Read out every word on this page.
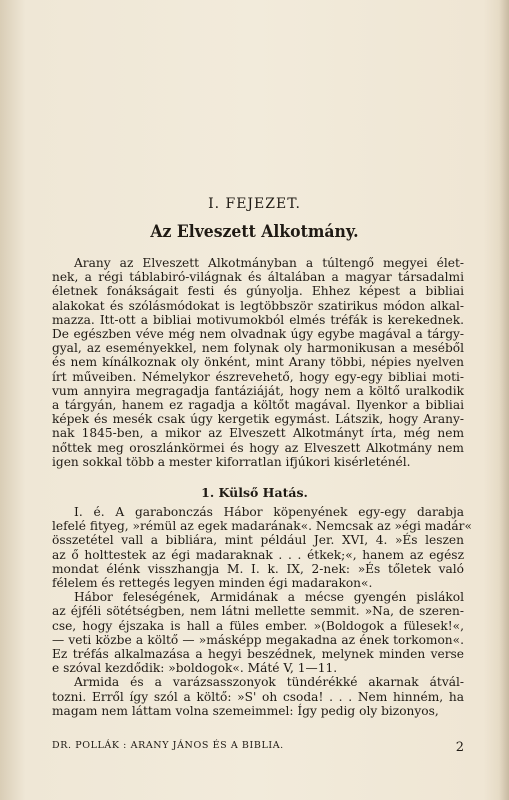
I. FEJEZET.
Az Elveszett Alkotmány.

Arany az Elveszett Alkotmányban a túltengő megyei élet-
nek, a régi táblabiró-világnak és általában a magyar társadalmi
életnek fonákságait festi és gúnyolja. Ehhez képest a bibliai
alakokat és szólásmódokat is legtöbbször szatirikus módon alkal-
mazza. Itt-ott a bibliai motivumokból elmés tréfák is kerekednek.
De egészben véve még nem olvadnak úgy egybe magával a tárgy-
gyal, az eseményekkel, nem folynak oly harmonikusan a meséből
és nem kínálkoznak oly önként, mint Arany többi, népies nyelven
írt műveiben. Némelykor észrevehető, hogy egy-egy bibliai moti-
vum annyira megragadja fantáziáját, hogy nem a költő uralkodik
a tárgyán, hanem ez ragadja a költőt magával. Ilyenkor a bibliai
képek és mesék csak úgy kergetik egymást. Látszik, hogy Arany-
nak 1845-ben, a mikor az Elveszett Alkotmányt írta, még nem
nőttek meg oroszlánkörmei és hogy az Elveszett Alkotmány nem
igen sokkal több a mester kiforratlan ifjúkori kisérleténél.

1. Külső Hatás.

I. é. A garabonczás Hábor köpenyének egy-egy darabja
lefelé fityeg, »rémül az egek madarának«. Nemcsak az »égi madár«
összetétel vall a bibliára, mint például Jer. XVI, 4. »És leszen
az ő holttestek az égi madaraknak . . . étkek;«, hanem az egész
mondat élénk visszhangja M. I. k. IX, 2-nek: »És tőletek való
félelem és rettegés legyen minden égi madarakon«.
Hábor feleségének, Armidának a mécse gyengén pislákol
az éjféli sötétségben, nem látni mellette semmit. »Na, de szeren-
cse, hogy éjszaka is hall a füles ember. »(Boldogok a fülesek!«,
— veti közbe a költő — »másképp megakadna az ének torkomon«.
Ez tréfás alkalmazása a hegyi beszédnek, melynek minden verse
e szóval kezdődik: »boldogok«. Máté V, 1—11.
Armida és a varázsasszonyok tündérékké akarnak átvál-
tozni. Erről így szól a költő: »S' oh csoda! . . . Nem hinném, ha
magam nem láttam volna szemeimmel: Így pedig oly bizonyos,

DR. POLLÁK : ARANY JÁNOS ÉS A BIBLIA.	2
